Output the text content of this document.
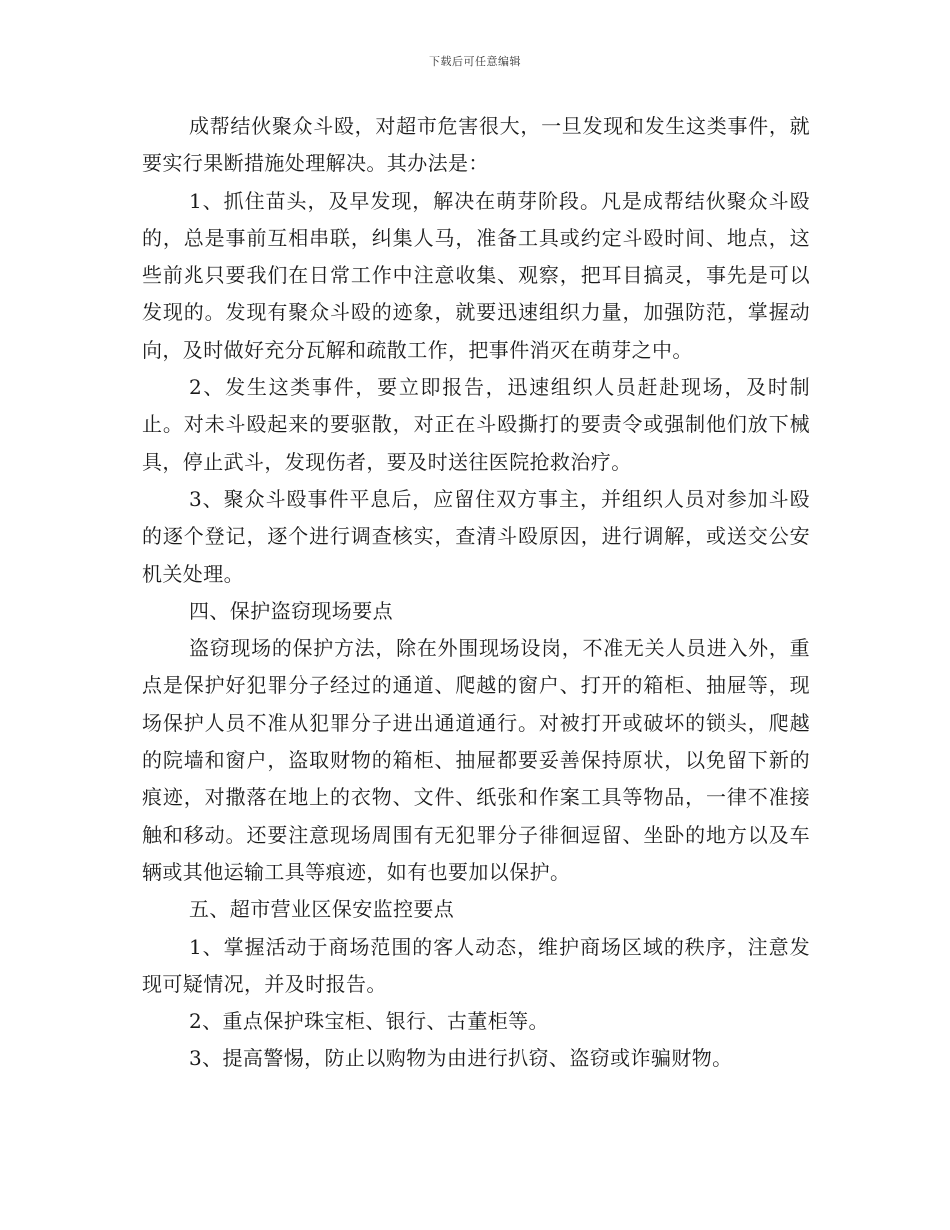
下载后可任意编辑

成帮结伙聚众斗殴，对超市危害很大，一旦发现和发生这类事件，就要实行果断措施处理解决。其办法是：

1、抓住苗头，及早发现，解决在萌芽阶段。凡是成帮结伙聚众斗殴的，总是事前互相串联，纠集人马，准备工具或约定斗殴时间、地点，这些前兆只要我们在日常工作中注意收集、观察，把耳目搞灵，事先是可以发现的。发现有聚众斗殴的迹象，就要迅速组织力量，加强防范，掌握动向，及时做好充分瓦解和疏散工作，把事件消灭在萌芽之中。

2、发生这类事件，要立即报告，迅速组织人员赶赴现场，及时制止。对未斗殴起来的要驱散，对正在斗殴撕打的要责令或强制他们放下械具，停止武斗，发现伤者，要及时送往医院抢救治疗。

3、聚众斗殴事件平息后，应留住双方事主，并组织人员对参加斗殴的逐个登记，逐个进行调查核实，查清斗殴原因，进行调解，或送交公安机关处理。

四、保护盗窃现场要点

盗窃现场的保护方法，除在外围现场设岗，不准无关人员进入外，重点是保护好犯罪分子经过的通道、爬越的窗户、打开的箱柜、抽屉等，现场保护人员不准从犯罪分子进出通道通行。对被打开或破坏的锁头，爬越的院墙和窗户，盗取财物的箱柜、抽屉都要妥善保持原状，以免留下新的痕迹，对撒落在地上的衣物、文件、纸张和作案工具等物品，一律不准接触和移动。还要注意现场周围有无犯罪分子徘徊逗留、坐卧的地方以及车辆或其他运输工具等痕迹，如有也要加以保护。

五、超市营业区保安监控要点

1、掌握活动于商场范围的客人动态，维护商场区域的秩序，注意发现可疑情况，并及时报告。

2、重点保护珠宝柜、银行、古董柜等。

3、提高警惕，防止以购物为由进行扒窃、盗窃或诈骗财物。
